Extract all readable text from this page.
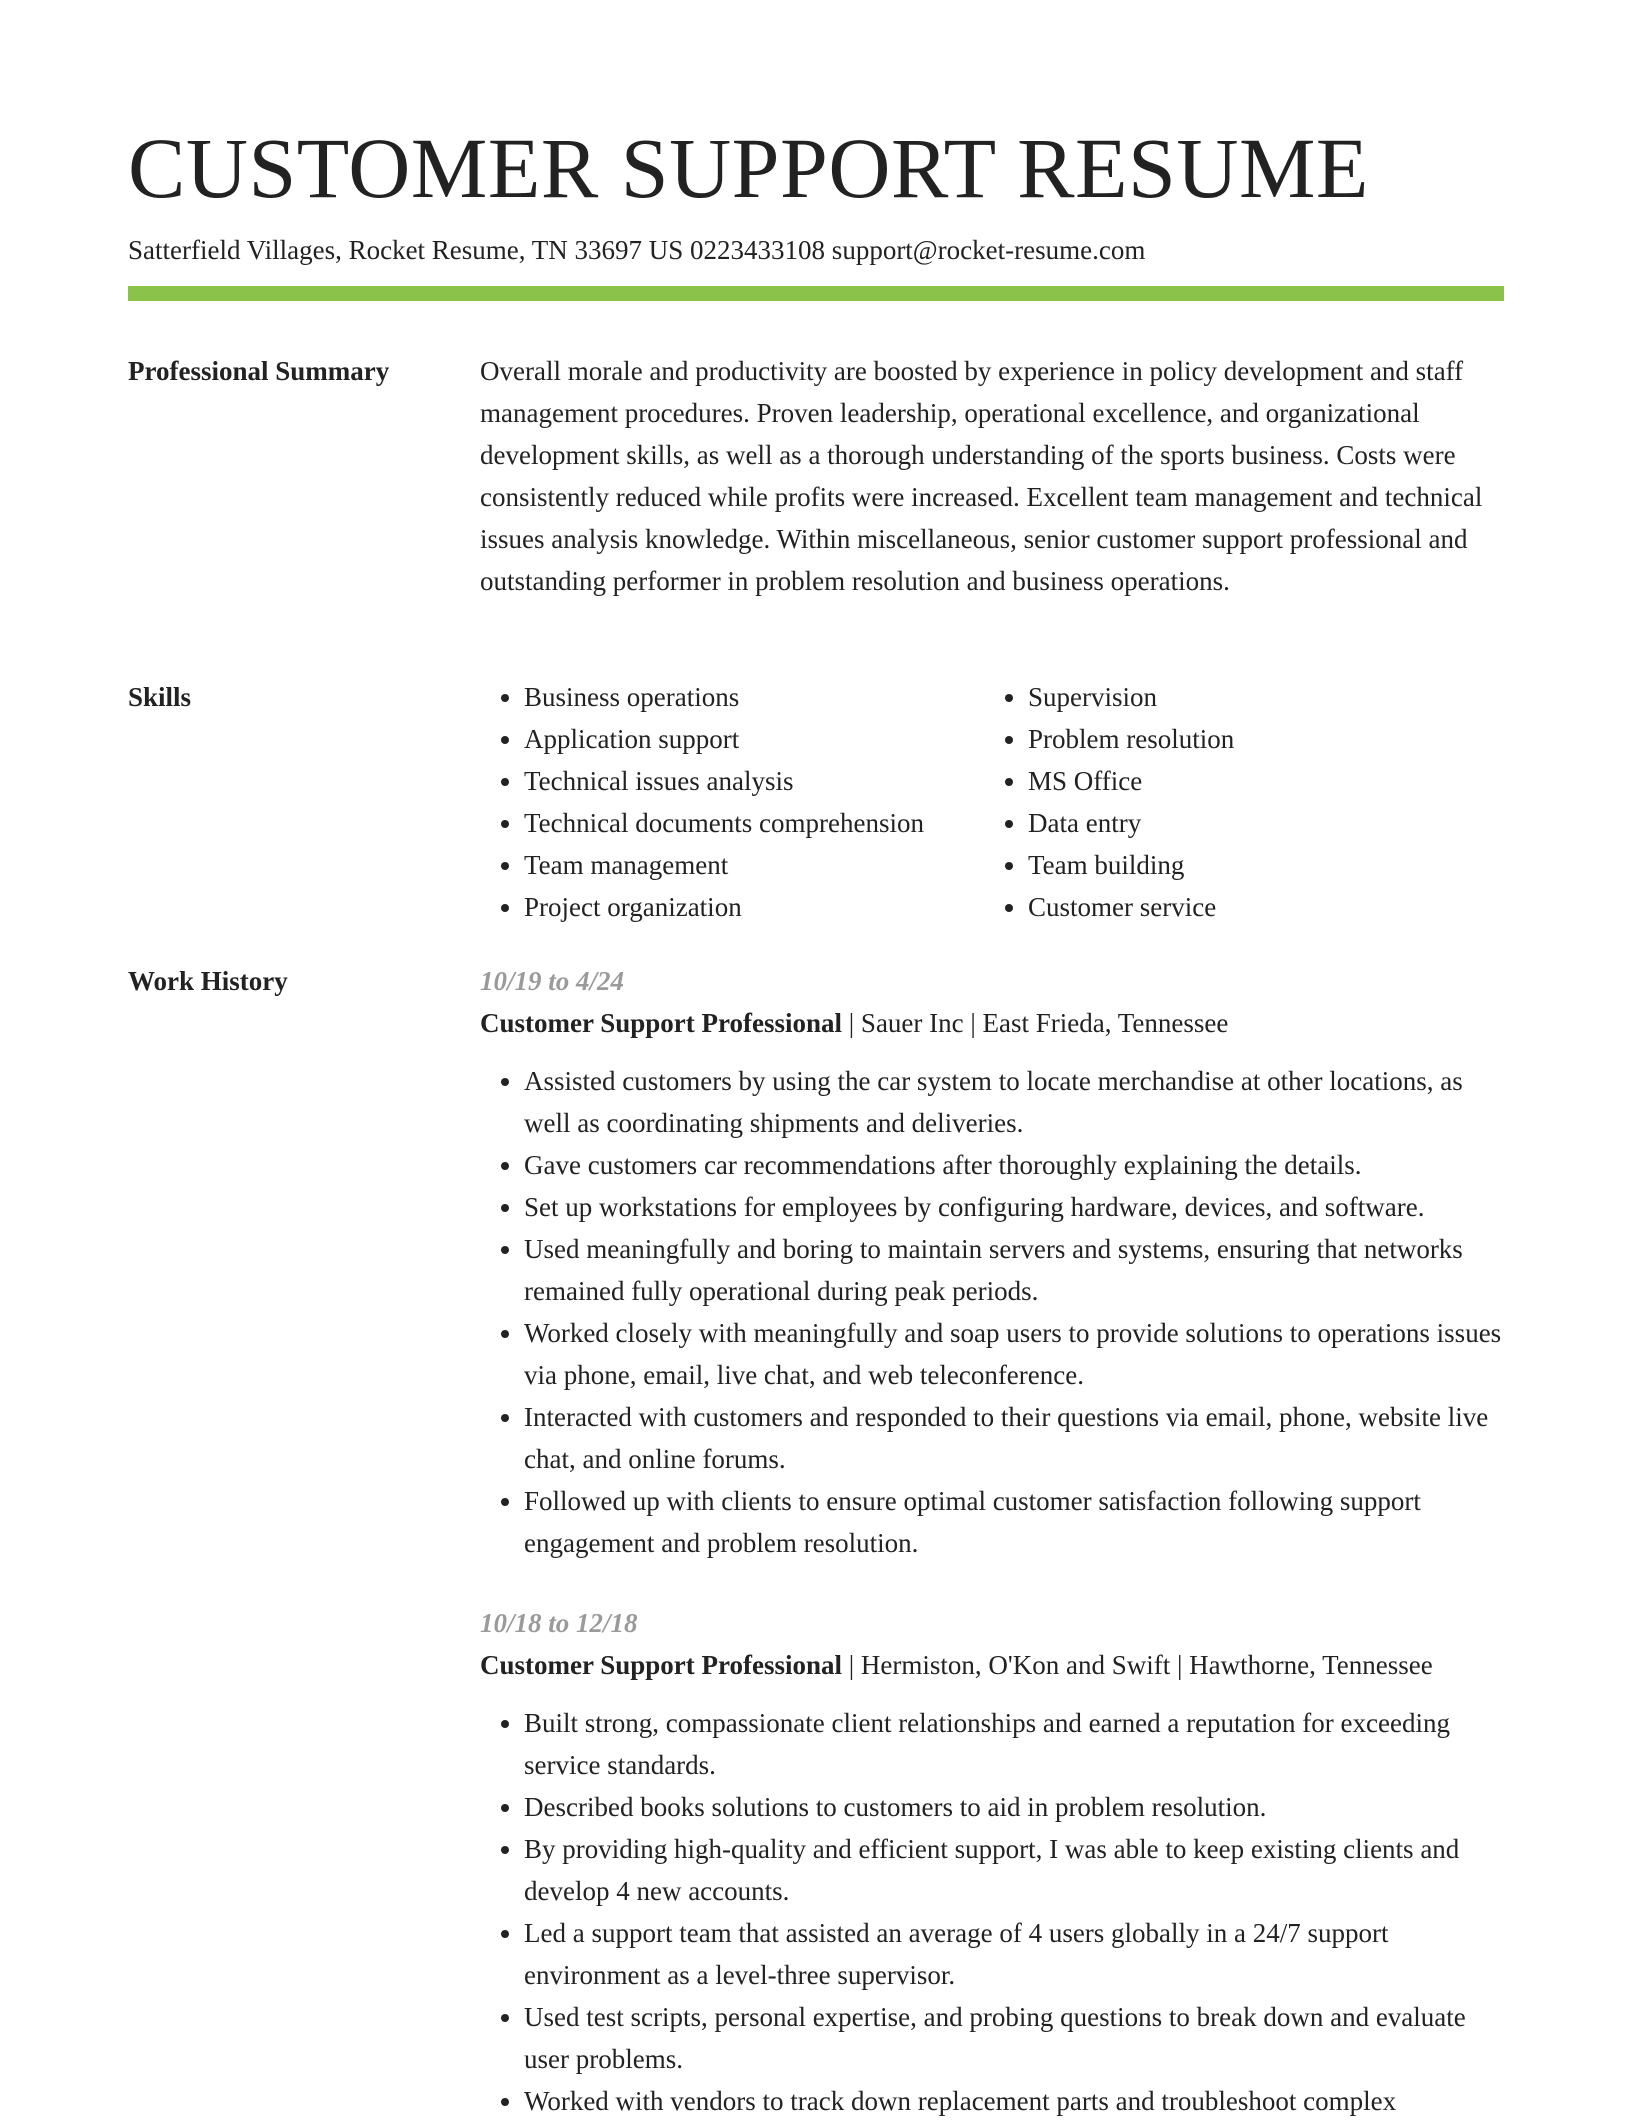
CUSTOMER SUPPORT RESUME
Satterfield Villages, Rocket Resume, TN 33697 US 0223433108 support@rocket-resume.com
Professional Summary	Overall morale and productivity are boosted by experience in policy development and staff management procedures. Proven leadership, operational excellence, and organizational development skills, as well as a thorough understanding of the sports business. Costs were consistently reduced while profits were increased. Excellent team management and technical issues analysis knowledge. Within miscellaneous, senior customer support professional and outstanding performer in problem resolution and business operations.

Skills
•	Business operations
• Application support
• Technical issues analysis
• Technical documents comprehension
• Team management
• Project organization
• Supervision
• Problem resolution
• MS Office
• Data entry
• Team building
• Customer service
Work History	10/19 to 4/24
Customer Support Professional | Sauer Inc | East Frieda, Tennessee
• Assisted customers by using the car system to locate merchandise at other locations, as well as coordinating shipments and deliveries.
• Gave customers car recommendations after thoroughly explaining the details.
• Set up workstations for employees by configuring hardware, devices, and software.
• Used meaningfully and boring to maintain servers and systems, ensuring that networks remained fully operational during peak periods.
• Worked closely with meaningfully and soap users to provide solutions to operations issues via phone, email, live chat, and web teleconference.
• Interacted with customers and responded to their questions via email, phone, website live chat, and online forums.
• Followed up with clients to ensure optimal customer satisfaction following support engagement and problem resolution.
10/18 to 12/18
Customer Support Professional | Hermiston, O'Kon and Swift | Hawthorne, Tennessee
• Built strong, compassionate client relationships and earned a reputation for exceeding service standards.
• Described books solutions to customers to aid in problem resolution.
• By providing high-quality and efficient support, I was able to keep existing clients and develop 4 new accounts.
• Led a support team that assisted an average of 4 users globally in a 24/7 support environment as a level-three supervisor.
• Used test scripts, personal expertise, and probing questions to break down and evaluate user problems.
• Worked with vendors to track down replacement parts and troubleshoot complex
